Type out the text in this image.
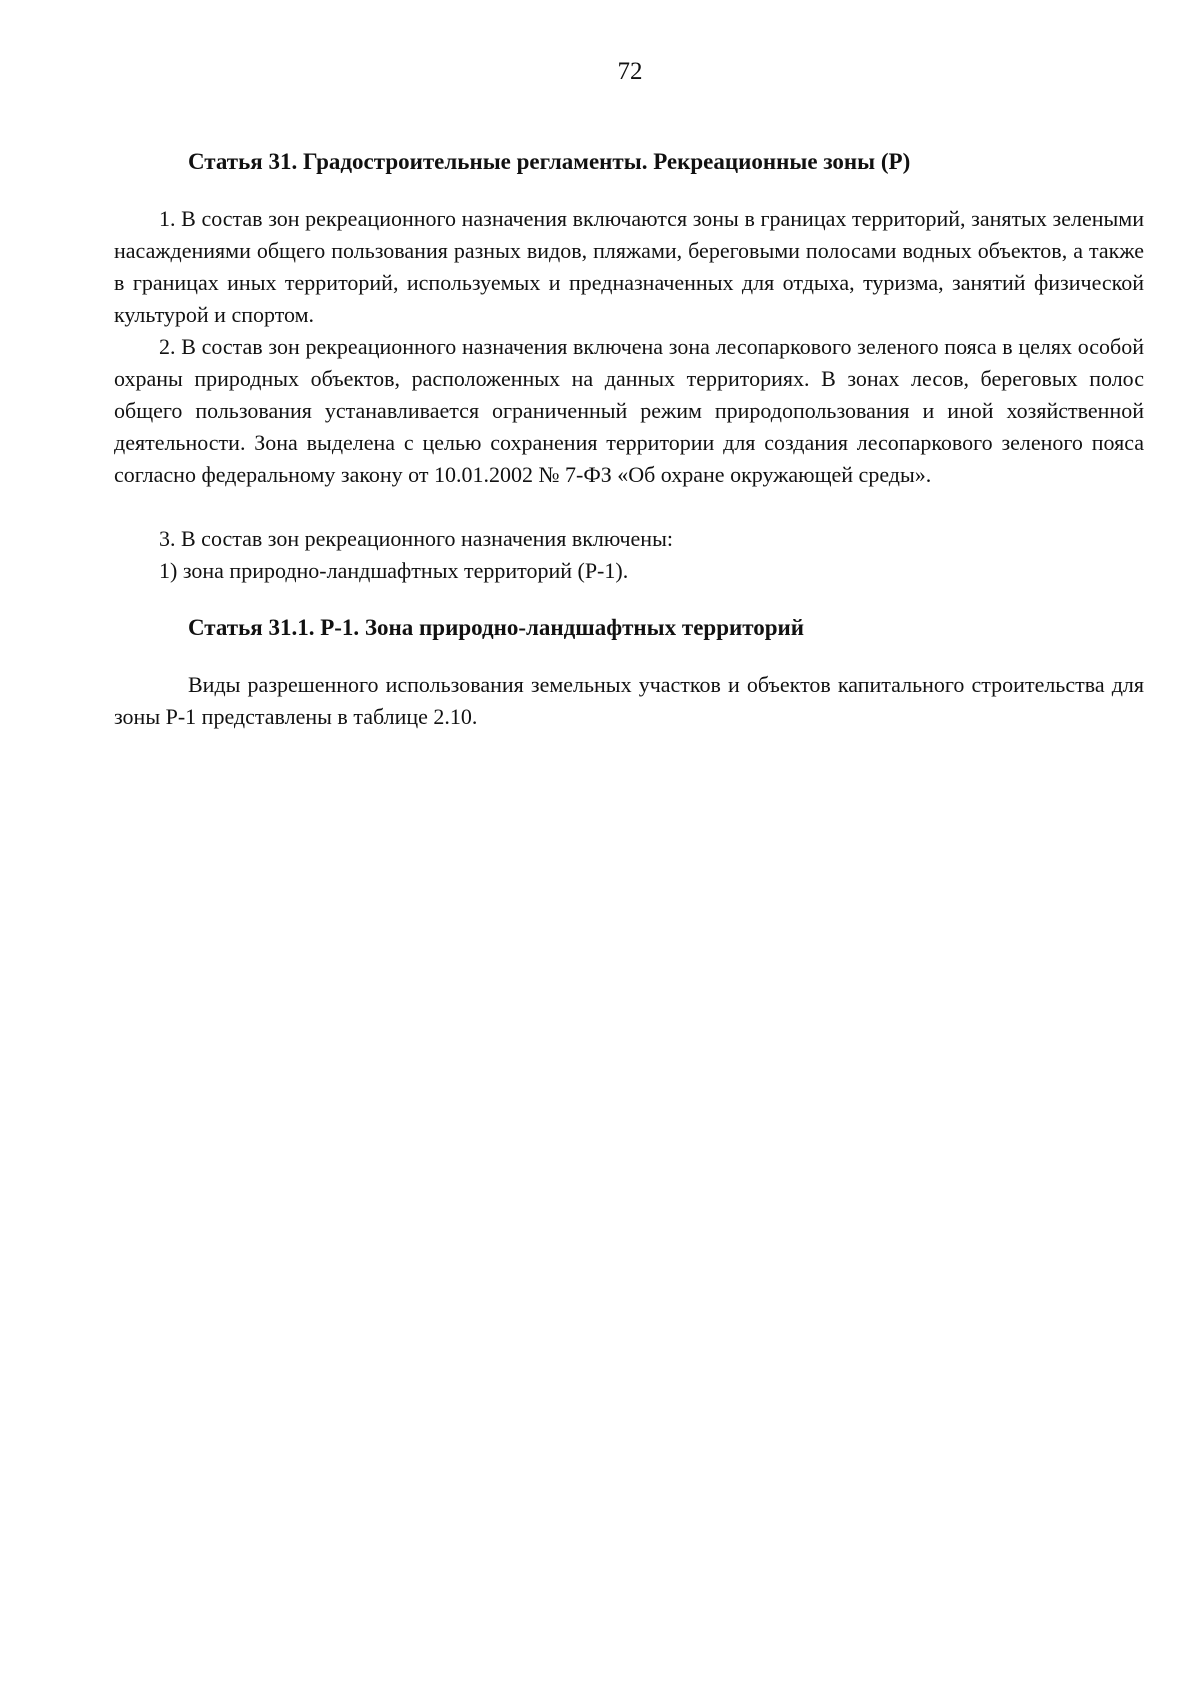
72
Статья 31. Градостроительные регламенты. Рекреационные зоны (Р)

1. В состав зон рекреационного назначения включаются зоны в границах территорий, занятых зелеными насаждениями общего пользования разных видов, пляжами, береговыми полосами водных объектов, а также в границах иных территорий, используемых и предназначенных для отдыха, туризма, занятий физической культурой и спортом.

2. В состав зон рекреационного назначения включена зона лесопаркового зеленого пояса в целях особой охраны природных объектов, расположенных на данных территориях. В зонах лесов, береговых полос общего пользования устанавливается ограниченный режим природопользования и иной хозяйственной деятельности. Зона выделена с целью сохранения территории для создания лесопаркового зеленого пояса согласно федеральному закону от 10.01.2002 № 7-ФЗ «Об охране окружающей среды».

3. В состав зон рекреационного назначения включены:

1) зона природно-ландшафтных территорий (Р-1).

Статья 31.1. Р-1. Зона природно-ландшафтных территорий

Виды разрешенного использования земельных участков и объектов капитального строительства для зоны Р-1 представлены в таблице 2.10.
